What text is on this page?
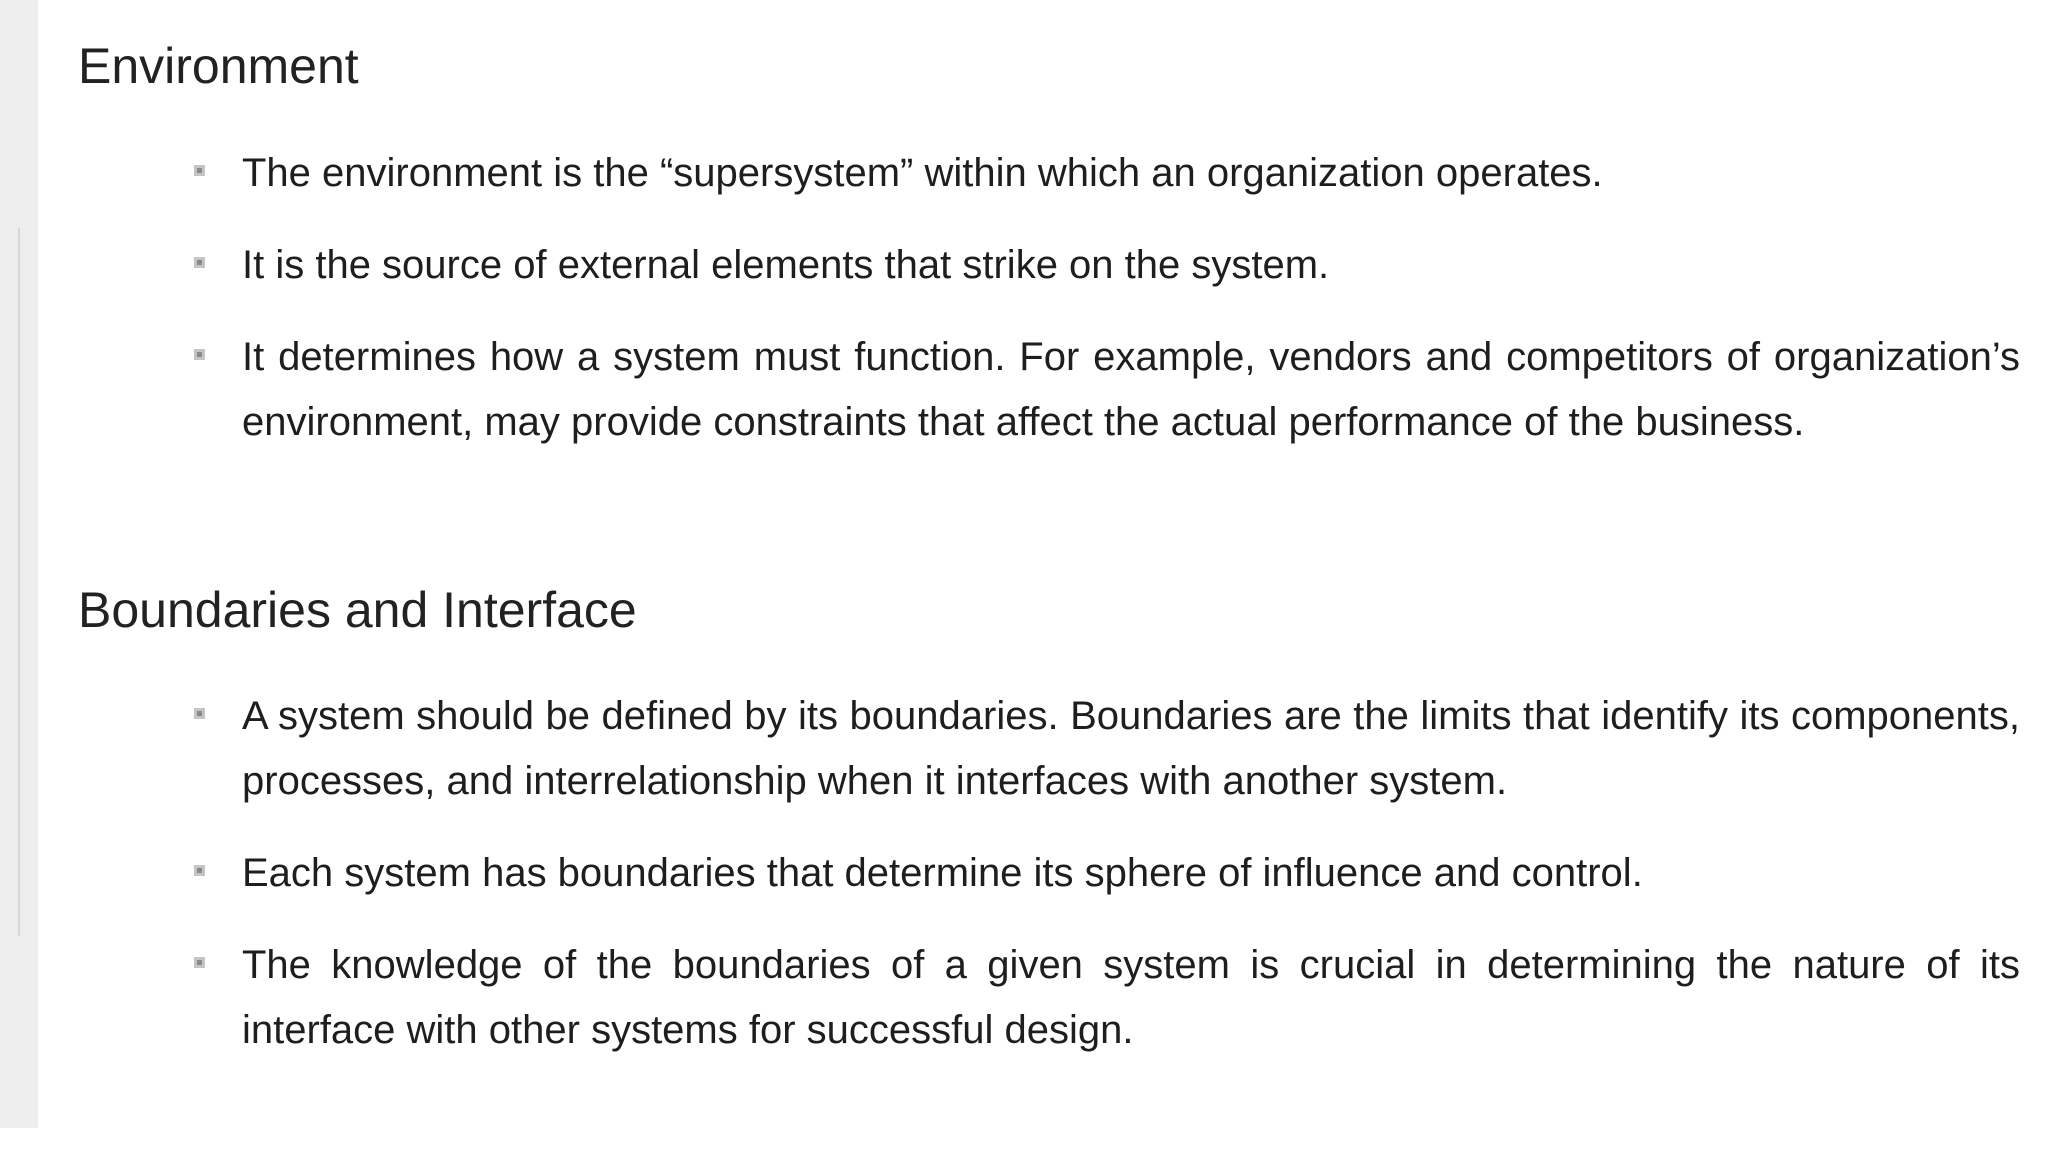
Environment
The environment is the “supersystem” within which an organization operates.
It is the source of external elements that strike on the system.
It determines how a system must function. For example, vendors and competitors of organization’s environment, may provide constraints that affect the actual performance of the business.
Boundaries and Interface
A system should be defined by its boundaries. Boundaries are the limits that identify its components, processes, and interrelationship when it interfaces with another system.
Each system has boundaries that determine its sphere of influence and control.
The knowledge of the boundaries of a given system is crucial in determining the nature of its interface with other systems for successful design.
